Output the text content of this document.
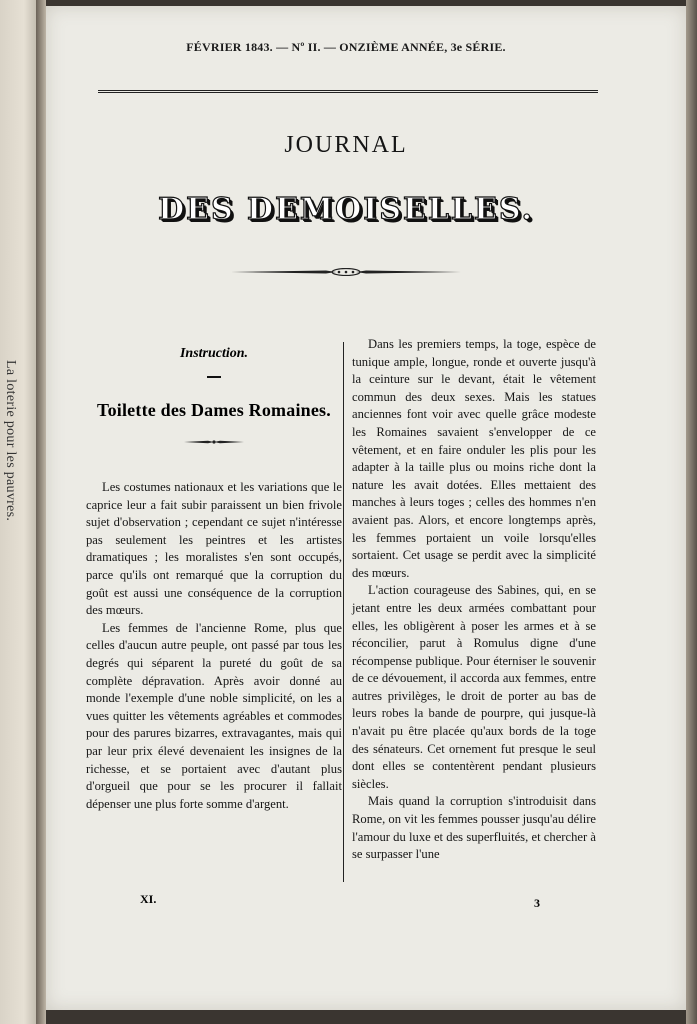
La loterie pour les pauvres.
FÉVRIER 1843. — Nº II. — ONZIÈME ANNÉE, 3e SÉRIE.
JOURNAL
DES DEMOISELLES.
Instruction.
Toilette des Dames Romaines.

Les costumes nationaux et les variations que le caprice leur a fait subir paraissent un bien frivole sujet d'observation ; cependant ce sujet n'intéresse pas seulement les peintres et les artistes dramatiques ; les moralistes s'en sont occupés, parce qu'ils ont remarqué que la corruption du goût est aussi une conséquence de la corruption des mœurs.

Les femmes de l'ancienne Rome, plus que celles d'aucun autre peuple, ont passé par tous les degrés qui séparent la pureté du goût de sa complète dépravation. Après avoir donné au monde l'exemple d'une noble simplicité, on les a vues quitter les vêtements agréables et commodes pour des parures bizarres, extravagantes, mais qui par leur prix élevé devenaient les insignes de la richesse, et se portaient avec d'autant plus d'orgueil que pour se les procurer il fallait dépenser une plus forte somme d'argent.

Dans les premiers temps, la toge, espèce de tunique ample, longue, ronde et ouverte jusqu'à la ceinture sur le devant, était le vêtement commun des deux sexes. Mais les statues anciennes font voir avec quelle grâce modeste les Romaines savaient s'envelopper de ce vêtement, et en faire onduler les plis pour les adapter à la taille plus ou moins riche dont la nature les avait dotées. Elles mettaient des manches à leurs toges ; celles des hommes n'en avaient pas. Alors, et encore longtemps après, les femmes portaient un voile lorsqu'elles sortaient. Cet usage se perdit avec la simplicité des mœurs.

L'action courageuse des Sabines, qui, en se jetant entre les deux armées combattant pour elles, les obligèrent à poser les armes et à se réconcilier, parut à Romulus digne d'une récompense publique. Pour éterniser le souvenir de ce dévouement, il accorda aux femmes, entre autres privilèges, le droit de porter au bas de leurs robes la bande de pourpre, qui jusque-là n'avait pu être placée qu'aux bords de la toge des sénateurs. Cet ornement fut presque le seul dont elles se contentèrent pendant plusieurs siècles.

Mais quand la corruption s'introduisit dans Rome, on vit les femmes pousser jusqu'au délire l'amour du luxe et des superfluités, et chercher à se surpasser l'une

XI.	3
